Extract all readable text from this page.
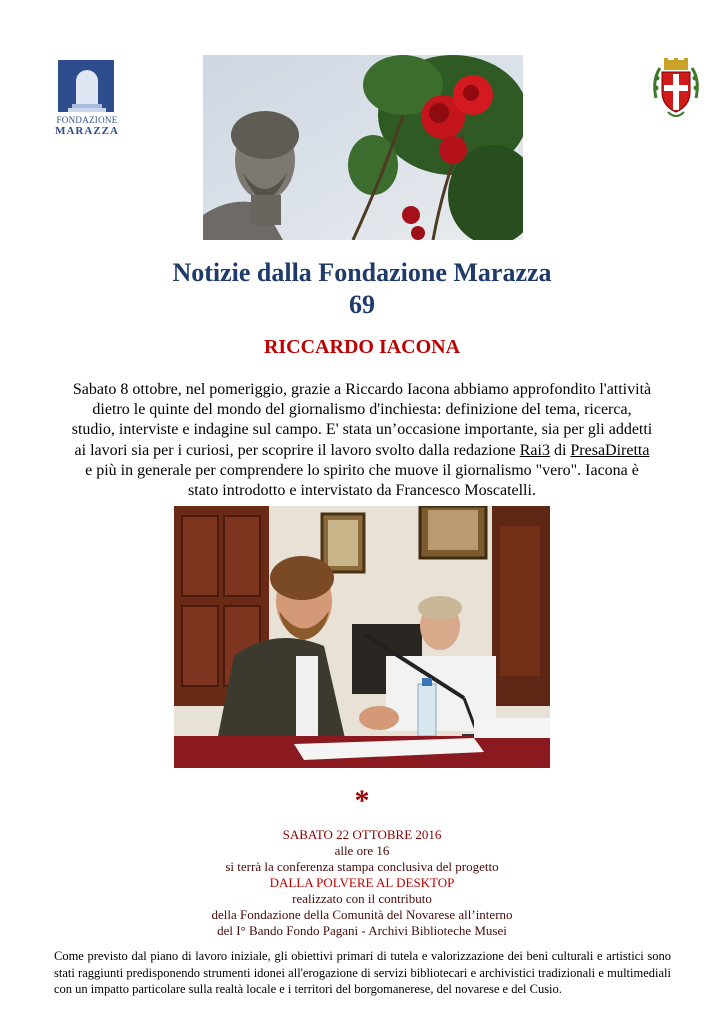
FONDAZIONE
MARAZZA
Notizie dalla Fondazione Marazza
69
RICCARDO IACONA
Sabato 8 ottobre, nel pomeriggio, grazie a Riccardo Iacona abbiamo approfondito l'attività dietro le quinte del mondo del giornalismo d'inchiesta: definizione del tema, ricerca, studio, interviste e indagine sul campo. E' stata un’occasione importante, sia per gli addetti ai lavori sia per i curiosi, per scoprire il lavoro svolto dalla redazione Rai3 di PresaDiretta e più in generale per comprendere lo spirito che muove il giornalismo "vero". Iacona è stato introdotto e intervistato da Francesco Moscatelli.
*
SABATO 22 OTTOBRE 2016
alle ore 16
si terrà la conferenza stampa conclusiva del progetto
DALLA POLVERE AL DESKTOP
realizzato con il contributo
della Fondazione della Comunità del Novarese all’interno
del I° Bando Fondo Pagani - Archivi Biblioteche Musei
Come previsto dal piano di lavoro iniziale, gli obiettivi primari di tutela e valorizzazione dei beni culturali e artistici sono stati raggiunti predisponendo strumenti idonei all'erogazione di servizi bibliotecari e archivistici tradizionali e multimediali con un impatto particolare sulla realtà locale e i territori del borgomanerese, del novarese e del Cusio.
